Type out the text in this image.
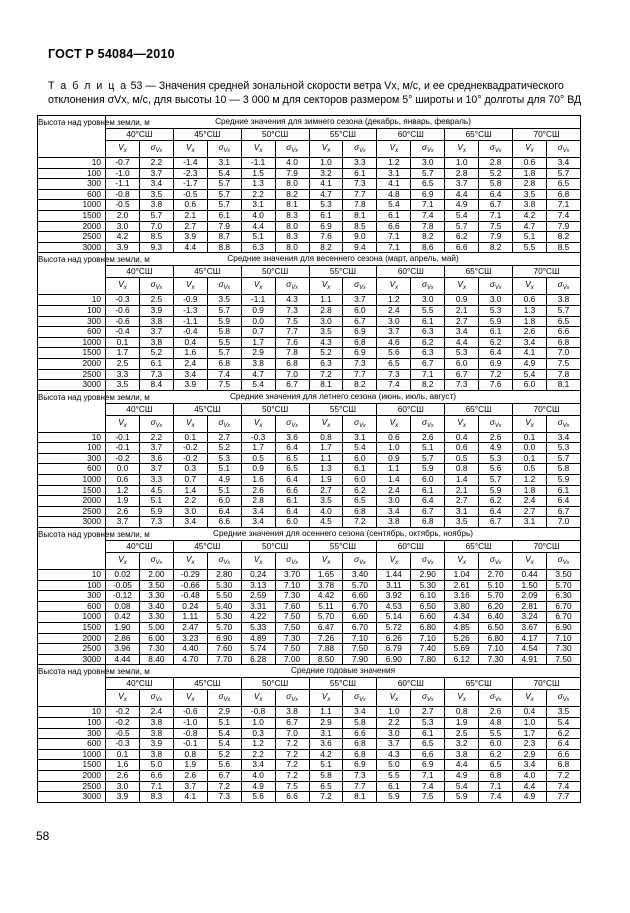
ГОСТ Р 54084—2010
Т а б л и ц а 53 — Значения средней зональной скорости ветра Vx, м/с, и ее среднеквадратического отклонения σVx, м/с, для высоты 10 — 3 000 м для секторов размером 5° широты и 10° долготы для 70° ВД
Высота над уровнем земли, м	Средние значения для зимнего сезона (декабрь, январь, февраль)													
	40°СШ		45°СШ		50°СШ		55°СШ		60°СШ		65°СШ		70°СШ	
	$V_x$	$\sigma_{Vx}$	$V_x$	$\sigma_{Vx}$	$V_x$	$\sigma_{Vx}$	$V_x$	$\sigma_{Vx}$	$V_x$	$\sigma_{Vx}$	$V_x$	$\sigma_{Vx}$	$V_x$	$\sigma_{Vx}$
10	-0.7	2.2	-1.4	3.1	-1.1	4.0	1.0	3.3	1.2	3.0	1.0	2.8	0.6	3.4
100	-1.0	3.7	-2.3	5.4	1.5	7.9	3.2	6.1	3.1	5.7	2.8	5.2	1.8	5.7
300	-1.1	3.4	-1.7	5.7	1.3	8.0	4.1	7.3	4.1	6.5	3.7	5.8	2.8	6.5
600	-0.8	3.5	-0.5	5.7	2.2	8.2	4.7	7.7	4.8	6.9	4.4	6.4	3.5	6.8
1000	-0.5	3.8	0.6	5.7	3.1	8.1	5.3	7.8	5.4	7.1	4.9	6.7	3.8	7.1
1500	2.0	5.7	2.1	6.1	4.0	8.3	6.1	8.1	6.1	7.4	5.4	7.1	4.2	7.4
2000	3.0	7.0	2.7	7.9	4.4	8.0	6.9	8.5	6.6	7.8	5.7	7.5	4.7	7.9
2500	4.2	8.5	3.9	8.7	5.1	8.3	7.6	9.0	7.1	8.2	6.2	7.9	5.1	8.2
3000	3.9	9.3	4.4	8.8	6.3	8.0	8.2	9.4	7.1	8.6	6.6	8.2	5.5	8.5
Высота над уровнем земли, м	Средние значения для весеннего сезона (март, апрель, май)													
	40°СШ		45°СШ		50°СШ		55°СШ		60°СШ		65°СШ		70°СШ	
	$V_x$	$\sigma_{Vx}$	$V_x$	$\sigma_{Vx}$	$V_x$	$\sigma_{Vx}$	$V_x$	$\sigma_{Vx}$	$V_x$	$\sigma_{Vx}$	$V_x$	$\sigma_{Vx}$	$V_x$	$\sigma_{Vx}$
10	-0.3	2.5	-0.9	3.5	-1.1	4.3	1.1	3.7	1.2	3.0	0.9	3.0	0.6	3.8
100	-0.6	3.9	-1.3	5.7	0.9	7.3	2.8	6.0	2.4	5.5	2.1	5.3	1.3	5.7
300	-0.6	3.8	-1.1	5.9	0.0	7.5	3.0	6.7	3.0	6.1	2.7	5.9	1.8	6.5
600	-0.4	3.7	-0.4	5.8	0.7	7.7	3.5	6.9	3.7	6.3	3.4	6.1	2.6	6.6
1000	0.1	3.8	0.4	5.5	1.7	7.6	4.3	6.8	4.6	6.2	4.4	6.2	3.4	6.8
1500	1.7	5.2	1.6	5.7	2.9	7.8	5.2	6.9	5.6	6.3	5.3	6.4	4.1	7.0
2000	2.5	6.1	2.4	6.8	3.8	6.8	6.3	7.3	6.5	6.7	6.0	6.9	4.9	7.5
2500	3.3	7.3	3.4	7.4	4.7	7.0	7.2	7.7	7.3	7.1	6.7	7.2	5.4	7.8
3000	3.5	8.4	3.9	7.5	5.4	6.7	8.1	8.2	7.4	8.2	7.3	7.6	6.0	8.1
Высота над уровнем земли, м	Средние значения для летнего сезона (июнь, июль, август)													
	40°СШ		45°СШ		50°СШ		55°СШ		60°СШ		65°СШ		70°СШ	
	$V_x$	$\sigma_{Vx}$	$V_x$	$\sigma_{Vx}$	$V_x$	$\sigma_{Vx}$	$V_x$	$\sigma_{Vx}$	$V_x$	$\sigma_{Vx}$	$V_x$	$\sigma_{Vx}$	$V_x$	$\sigma_{Vx}$
10	-0.1	2.2	0.1	2.7	-0.3	3.6	0.8	3.1	0.6	2.6	0.4	2.6	0.1	3.4
100	-0.1	3.7	-0.2	5.2	1.7	6.4	1.7	5.4	1.0	5.1	0.6	4.9	0.0	5.3
300	-0.2	3.6	-0.2	5.3	0.5	6.5	1.1	6.0	0.9	5.7	0.5	5.3	0.1	5.7
600	0.0	3.7	0.3	5.1	0.9	6.5	1.3	6.1	1.1	5.9	0.8	5.6	0.5	5.8
1000	0.6	3.3	0.7	4.9	1.6	6.4	1.9	6.0	1.4	6.0	1.4	5.7	1.2	5.9
1500	1.2	4.5	1.4	5.1	2.6	6.6	2.7	6.2	2.4	6.1	2.1	5.9	1.8	6.1
2000	1.9	5.1	2.2	6.0	2.8	6.1	3.5	6.5	3.0	6.4	2.7	6.2	2.4	6.4
2500	2.6	5.9	3.0	6.4	3.4	6.4	4.0	6.8	3.4	6.7	3.1	6.4	2.7	6.7
3000	3.7	7.3	3.4	6.6	3.4	6.0	4.5	7.2	3.8	6.8	3.5	6.7	3.1	7.0
Высота над уровнем земли, м	Средние значения для осеннего сезона (сентябрь, октябрь, ноябрь)													
	40°СШ		45°СШ		50°СШ		55°СШ		60°СШ		65°СШ		70°СШ	
	$V_x$	$\sigma_{Vx}$	$V_x$	$\sigma_{Vx}$	$V_x$	$\sigma_{Vx}$	$V_x$	$\sigma_{Vx}$	$V_x$	$\sigma_{Vx}$	$V_x$	$\sigma_{Vx}$	$V_x$	$\sigma_{Vx}$
10	0.02	2.00	-0.29	2.80	0.24	3.70	1.65	3.40	1.44	2.90	1.04	2.70	0.44	3.50
100	-0.05	3.50	-0.66	5.30	3.13	7.10	3.78	5.70	3.11	5.30	2.61	5.10	1.50	5.70
300	-0.12	3.30	-0.48	5.50	2.59	7.30	4.42	6.60	3.92	6.10	3.16	5.70	2.09	6.30
600	0.08	3.40	0.24	5.40	3.31	7.60	5.11	6.70	4.53	6.50	3.80	6.20	2.81	6.70
1000	0.42	3.30	1.11	5.30	4.22	7.50	5.70	6.60	5.14	6.60	4.34	6.40	3.24	6.70
1500	1.90	5.00	2.47	5.70	5.33	7.50	6.47	6.70	5.72	6.80	4.85	6.50	3.67	6.90
2000	2.86	6.00	3.23	6.90	4.89	7.30	7.26	7.10	6.26	7.10	5.26	6.80	4.17	7.10
2500	3.96	7.30	4.40	7.60	5.74	7.50	7.88	7.50	6.79	7.40	5.69	7.10	4.54	7.30
3000	4.44	8.40	4.70	7.70	6.28	7.00	8.50	7.90	6.90	7.80	6.12	7.30	4.91	7.50
Высота над уровнем земли, м	Средние годовые значения													
	40°СШ		45°СШ		50°СШ		55°СШ		60°СШ		65°СШ		70°СШ	
	$V_x$	$\sigma_{Vx}$	$V_x$	$\sigma_{Vx}$	$V_x$	$\sigma_{Vx}$	$V_x$	$\sigma_{Vx}$	$V_x$	$\sigma_{Vx}$	$V_x$	$\sigma_{Vx}$	$V_x$	$\sigma_{Vx}$
10	-0.2	2.4	-0.6	2.9	-0.8	3.8	1.1	3.4	1.0	2.7	0.8	2.6	0.4	3.5
100	-0.2	3.8	-1.0	5.1	1.0	6.7	2.9	5.8	2.2	5.3	1.9	4.8	1.0	5.4
300	-0.5	3.8	-0.8	5.4	0.3	7.0	3.1	6.6	3.0	6.1	2.5	5.5	1.7	6.2
600	-0.3	3.9	-0.1	5.4	1.2	7.2	3.6	6.8	3.7	6.5	3.2	6.0	2.3	6.4
1000	0.1	3.8	0.8	5.2	2.2	7.2	4.2	6.8	4.3	6.6	3.8	6.2	2.9	6.6
1500	1.6	5.0	1.9	5.6	3.4	7.2	5.1	6.9	5.0	6.9	4.4	6.5	3.4	6.8
2000	2.6	6.6	2.6	6.7	4.0	7.2	5.8	7.3	5.5	7.1	4.9	6.8	4.0	7.2
2500	3.0	7.1	3.7	7.2	4.9	7.5	6.5	7.7	6.1	7.4	5.4	7.1	4.4	7.4
3000	3.9	8.3	4.1	7.3	5.6	6.6	7.2	8.1	5.9	7.5	5.9	7.4	4.9	7.7
58
